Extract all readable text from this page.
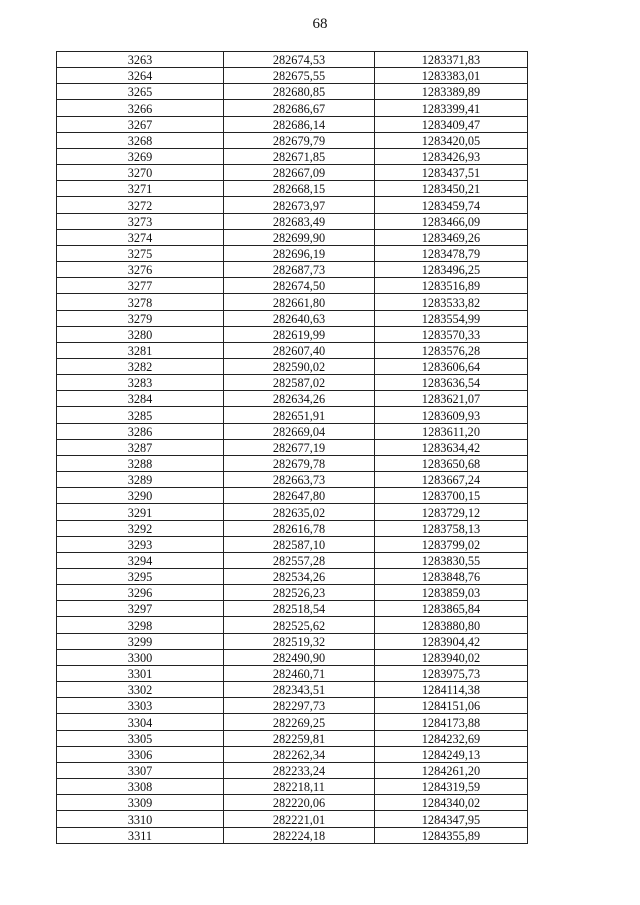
68
3263	282674,53	1283371,83
3264	282675,55	1283383,01
3265	282680,85	1283389,89
3266	282686,67	1283399,41
3267	282686,14	1283409,47
3268	282679,79	1283420,05
3269	282671,85	1283426,93
3270	282667,09	1283437,51
3271	282668,15	1283450,21
3272	282673,97	1283459,74
3273	282683,49	1283466,09
3274	282699,90	1283469,26
3275	282696,19	1283478,79
3276	282687,73	1283496,25
3277	282674,50	1283516,89
3278	282661,80	1283533,82
3279	282640,63	1283554,99
3280	282619,99	1283570,33
3281	282607,40	1283576,28
3282	282590,02	1283606,64
3283	282587,02	1283636,54
3284	282634,26	1283621,07
3285	282651,91	1283609,93
3286	282669,04	1283611,20
3287	282677,19	1283634,42
3288	282679,78	1283650,68
3289	282663,73	1283667,24
3290	282647,80	1283700,15
3291	282635,02	1283729,12
3292	282616,78	1283758,13
3293	282587,10	1283799,02
3294	282557,28	1283830,55
3295	282534,26	1283848,76
3296	282526,23	1283859,03
3297	282518,54	1283865,84
3298	282525,62	1283880,80
3299	282519,32	1283904,42
3300	282490,90	1283940,02
3301	282460,71	1283975,73
3302	282343,51	1284114,38
3303	282297,73	1284151,06
3304	282269,25	1284173,88
3305	282259,81	1284232,69
3306	282262,34	1284249,13
3307	282233,24	1284261,20
3308	282218,11	1284319,59
3309	282220,06	1284340,02
3310	282221,01	1284347,95
3311	282224,18	1284355,89
